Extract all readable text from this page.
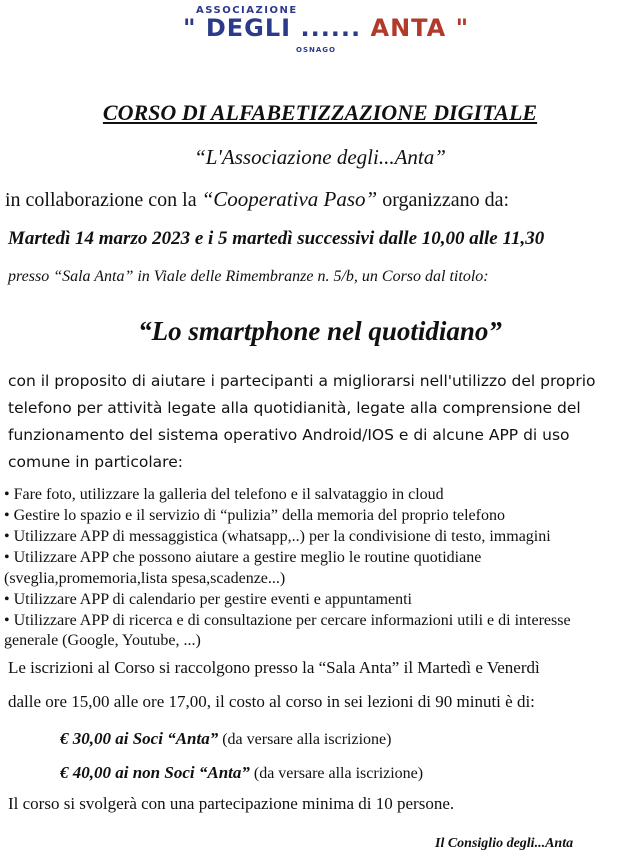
ASSOCIAZIONE
" DEGLI ...... ANTA "
OSNAGO
CORSO DI ALFABETIZZAZIONE DIGITALE
“L'Associazione degli...Anta”
in collaborazione con la “Cooperativa Paso” organizzano da:
Martedì 14 marzo 2023 e i 5 martedì successivi dalle 10,00 alle 11,30
presso “Sala Anta” in Viale delle Rimembranze n. 5/b, un Corso dal titolo:
“Lo smartphone nel quotidiano”
con il proposito di aiutare i partecipanti a migliorarsi nell'utilizzo del proprio
telefono per attività legate alla quotidianità, legate alla comprensione del
funzionamento del sistema operativo Android/IOS e di alcune APP di uso
comune in particolare:
• Fare foto, utilizzare la galleria del telefono e il salvataggio in cloud
• Gestire lo spazio e il servizio di “pulizia” della memoria del proprio telefono
• Utilizzare APP di messaggistica (whatsapp,..) per la condivisione di testo, immagini
• Utilizzare APP che possono aiutare a gestire meglio le routine quotidiane
(sveglia,promemoria,lista spesa,scadenze...)
• Utilizzare APP di calendario per gestire eventi e appuntamenti
• Utilizzare APP di ricerca e di consultazione per cercare informazioni utili e di interesse
generale (Google, Youtube, ...)
Le iscrizioni al Corso si raccolgono presso la “Sala Anta” il Martedì e Venerdì
dalle ore 15,00 alle ore 17,00, il costo al corso in sei lezioni di 90 minuti è di:
€ 30,00 ai Soci “Anta” (da versare alla iscrizione)
€ 40,00 ai non Soci “Anta” (da versare alla iscrizione)
Il corso si svolgerà con una partecipazione minima di 10 persone.
Il Consiglio degli...Anta
